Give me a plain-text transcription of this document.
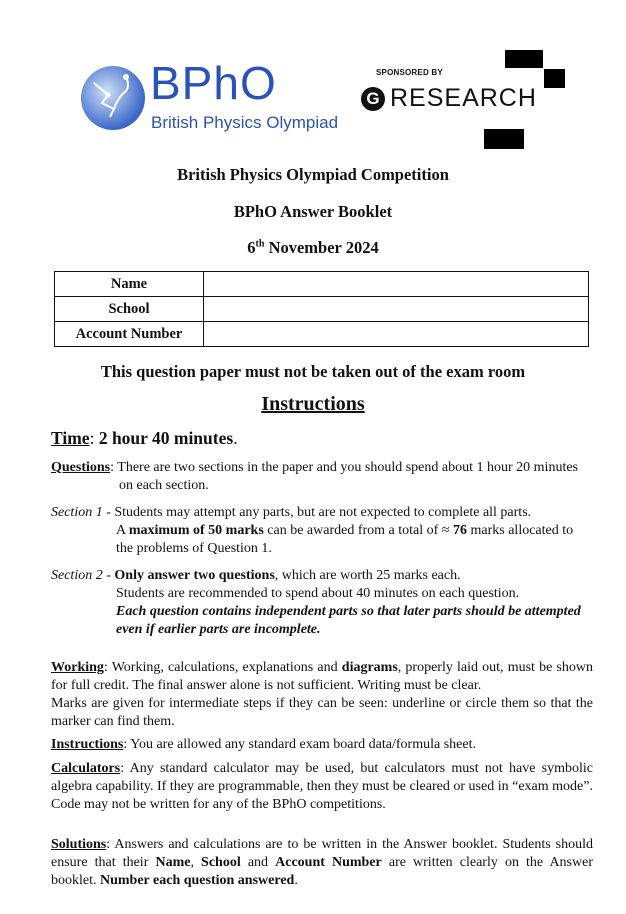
BPhO
British Physics Olympiad
SPONSORED BY
G RESEARCH
British Physics Olympiad Competition
BPhO Answer Booklet
6th November 2024
Name	
School	
Account Number	
This question paper must not be taken out of the exam room
Instructions
Time: 2 hour 40 minutes.
Questions: There are two sections in the paper and you should spend about 1 hour 20 minutes
on each section.
Section 1 - Students may attempt any parts, but are not expected to complete all parts.
A maximum of 50 marks can be awarded from a total of ≈ 76 marks allocated to
the problems of Question 1.
Section 2 - Only answer two questions, which are worth 25 marks each.
Students are recommended to spend about 40 minutes on each question.
Each question contains independent parts so that later parts should be attempted
even if earlier parts are incomplete.
Working: Working, calculations, explanations and diagrams, properly laid out, must be shown for full credit. The final answer alone is not sufficient. Writing must be clear.
Marks are given for intermediate steps if they can be seen: underline or circle them so that the marker can find them.
Instructions: You are allowed any standard exam board data/formula sheet.
Calculators: Any standard calculator may be used, but calculators must not have symbolic algebra capability. If they are programmable, then they must be cleared or used in “exam mode”. Code may not be written for any of the BPhO competitions.
Solutions: Answers and calculations are to be written in the Answer booklet. Students should ensure that their Name, School and Account Number are written clearly on the Answer booklet. Number each question answered.
